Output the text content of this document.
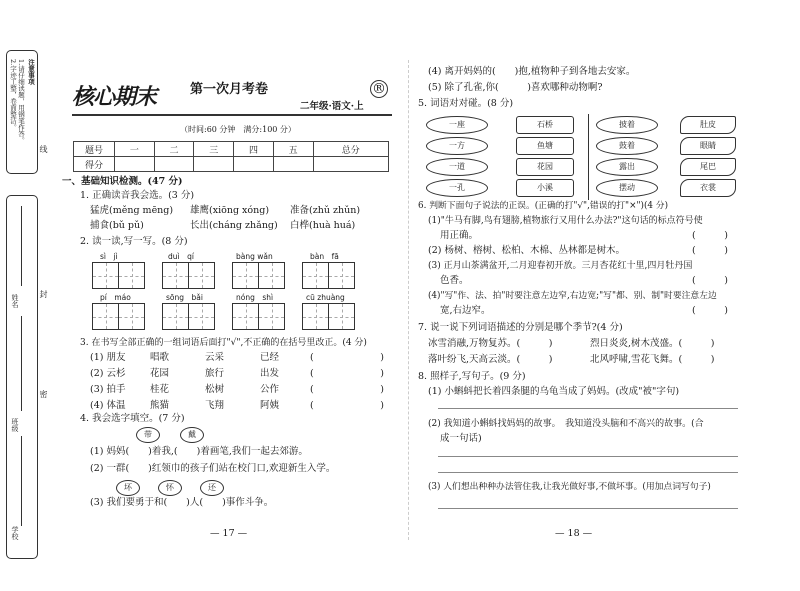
注意事项
1.请仔细读题，用钢笔作答。
2.字迹工整，卷面整洁。
线
学校
班级
姓名	封
密
核心期末	第一次月考卷	®
二年级·语文·上
（时间:60 分钟　满分:100 分）
题号	一	二	三	四	五	总分
得分						
一、基础知识检测。(47 分)
1. 正确读音我会选。(3 分)
猛虎(měng mēng) 雄鹰(xiōng xóng) 准备(zhǔ zhǔn)
捕食(bǔ pǔ)	长出(cháng zhǎng) 白桦(huà huá)
2. 读一读,写一写。(8 分)
sì　jì	duì　qí	bàng wǎn	bàn　fā
pí　máo	sōng　bǎi	nóng　shì	cū zhuàng
3. 在书写全部正确的一组词语后面打"√",不正确的在括号里改正。(4 分)
(1) 朋友	唱歌	云采	已经	(　　　　　　　)
(2) 云杉	花园	旅行	出发	(　　　　　　　)
(3) 拍手	桂花	松树	公作	(　　　　　　　)
(4) 体温	熊猫	飞翔	阿姨	(　　　　　　　)
4. 我会选字填空。(7 分)
带	戴
(1) 妈妈(　　)着我,(　　)着画笔,我们一起去郊游。
(2) 一群(　　)红领巾的孩子们站在校门口,欢迎新生入学。
坏	怀	还
(3) 我们要勇于和(　　)人(　　)事作斗争。
— 17 —
(4) 离开妈妈的(　　)抱,植物种子到各地去安家。
(5) 除了孔雀,你(　　　)喜欢哪种动物啊?
5. 词语对对碰。(8 分)
一座
一方
一道
一孔
石桥
鱼塘
花园
小溪
披着
鼓着
露出
摆动
肚皮
眼睛
尾巴
衣裳
6. 判断下面句子说法的正误。(正确的打"√",错误的打"×")(4 分)
(1)"牛马有脚,鸟有翅膀,植物旅行又用什么办法?"这句话的标点符号使
用正确。	(　　　)
(2) 杨树、榕树、松柏、木棉、丛林都是树木。	(　　　)
(3) 正月山茶满盆开,二月迎春初开放。三月杏花红十里,四月牡丹国
色香。	(　　　)
(4)"写"作、法、拍"时要注意左边窄,右边宽;"写"都、别、制"时要注意左边
宽,右边窄。	(　　　)
7. 说一说下列词语描述的分别是哪个季节?(4 分)
冰雪消融,万物复苏。(　　　)	烈日炎炎,树木茂盛。(　　　)
落叶纷飞,天高云淡。(　　　)	北风呼啸,雪花飞舞。(　　　)
8. 照样子,写句子。(9 分)
(1) 小蝌蚪把长着四条腿的乌龟当成了妈妈。(改成"被"字句)
(2) 我知道小蝌蚪找妈妈的故事。　我知道没头脑和不高兴的故事。(合
成一句话)
(3) 人们想出种种办法管住我,让我光做好事,不做坏事。(用加点词写句子)
— 18 —
